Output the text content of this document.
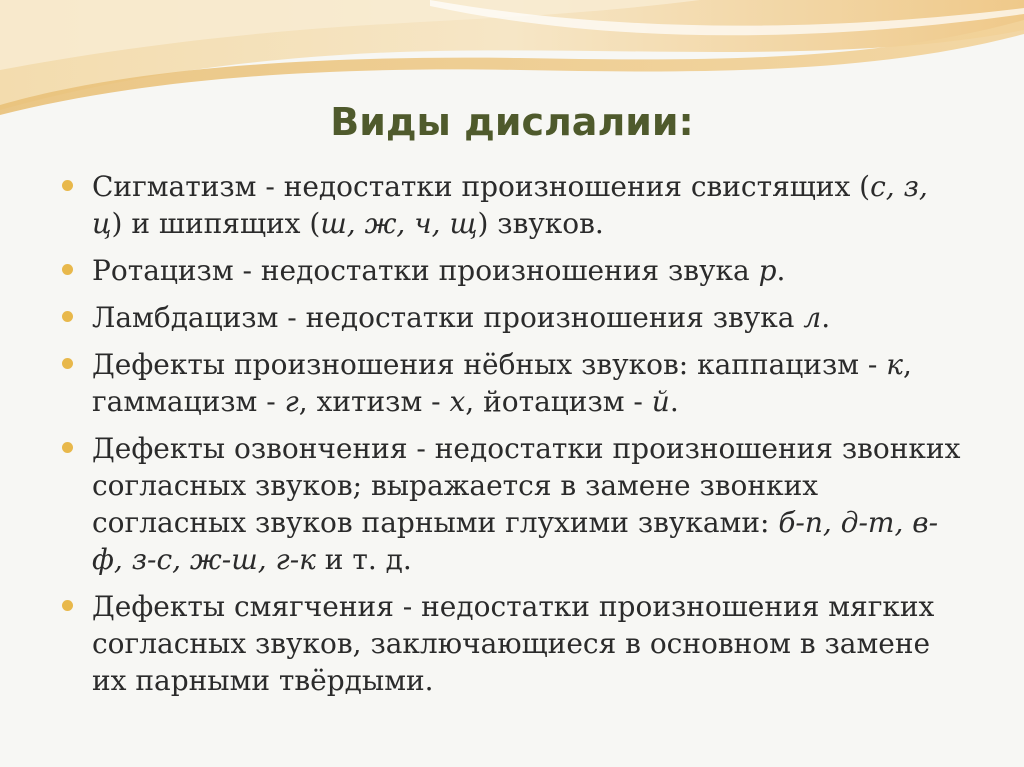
Виды дислалии:
Сигматизм - недостатки произношения свистящих (с, з, ц) и шипящих (ш, ж, ч, щ) звуков.
Ротацизм - недостатки произношения звука р.
Ламбдацизм - недостатки произношения звука л.
Дефекты произношения нёбных звуков: каппацизм - к, гаммацизм - г, хитизм - х, йотацизм - й.
Дефекты озвончения - недостатки произношения звонких согласных звуков; выражается в замене звонких согласных звуков парными глухими звуками: б-п, д-т, в-ф, з-с, ж-ш, г-к и т. д.
Дефекты смягчения - недостатки произношения мягких согласных звуков, заключающиеся в основном в замене их парными твёрдыми.
